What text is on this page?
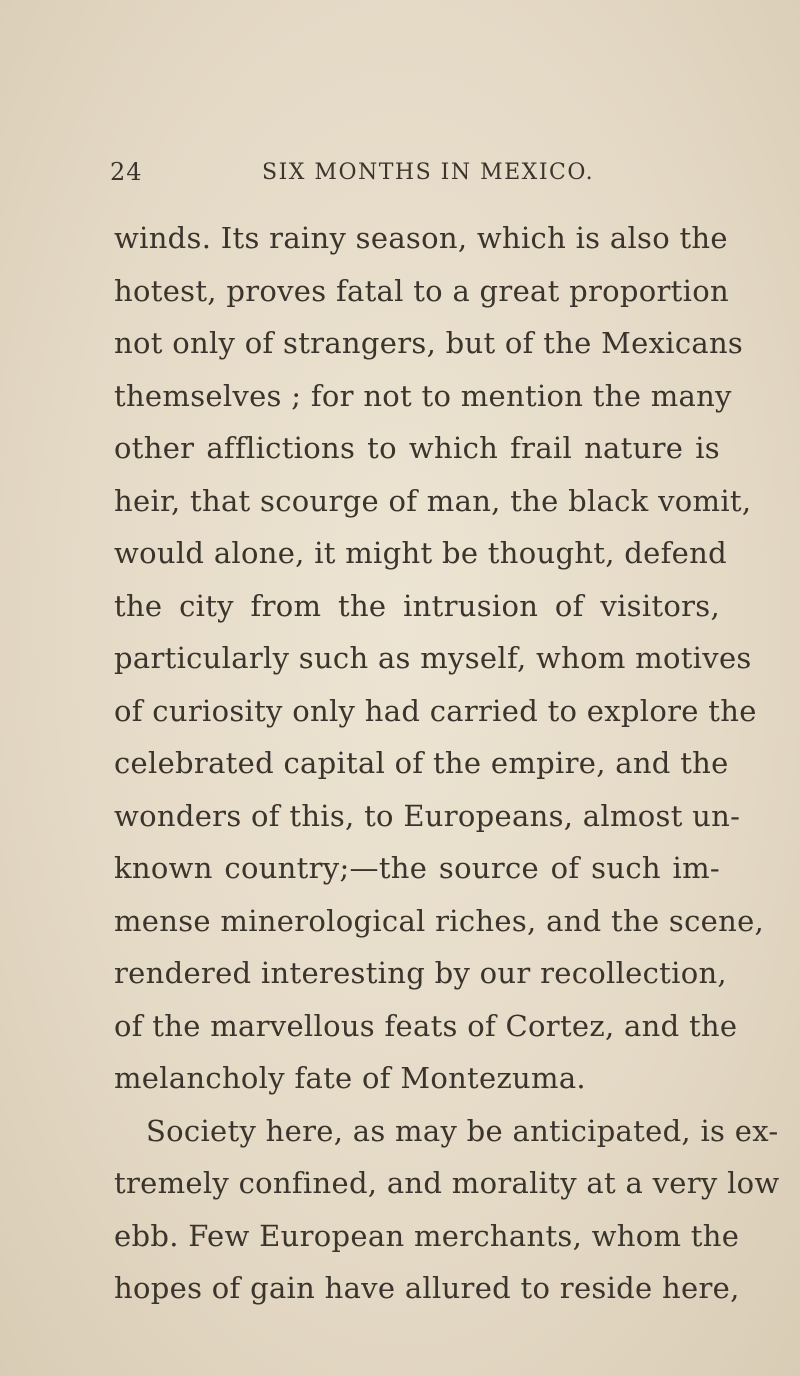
24	SIX MONTHS IN MEXICO.
winds. Its rainy season, which is also the
hotest, proves fatal to a great proportion
not only of strangers, but of the Mexicans
themselves ; for not to mention the many
other afflictions to which frail nature is
heir, that scourge of man, the black vomit,
would alone, it might be thought, defend
the city from the intrusion of visitors,
particularly such as myself, whom motives
of curiosity only had carried to explore the
celebrated capital of the empire, and the
wonders of this, to Europeans, almost un-
known country;—the source of such im-
mense minerological riches, and the scene,
rendered interesting by our recollection,
of the marvellous feats of Cortez, and the
melancholy fate of Montezuma.
Society here, as may be anticipated, is ex-
tremely confined, and morality at a very low
ebb. Few European merchants, whom the
hopes of gain have allured to reside here,
